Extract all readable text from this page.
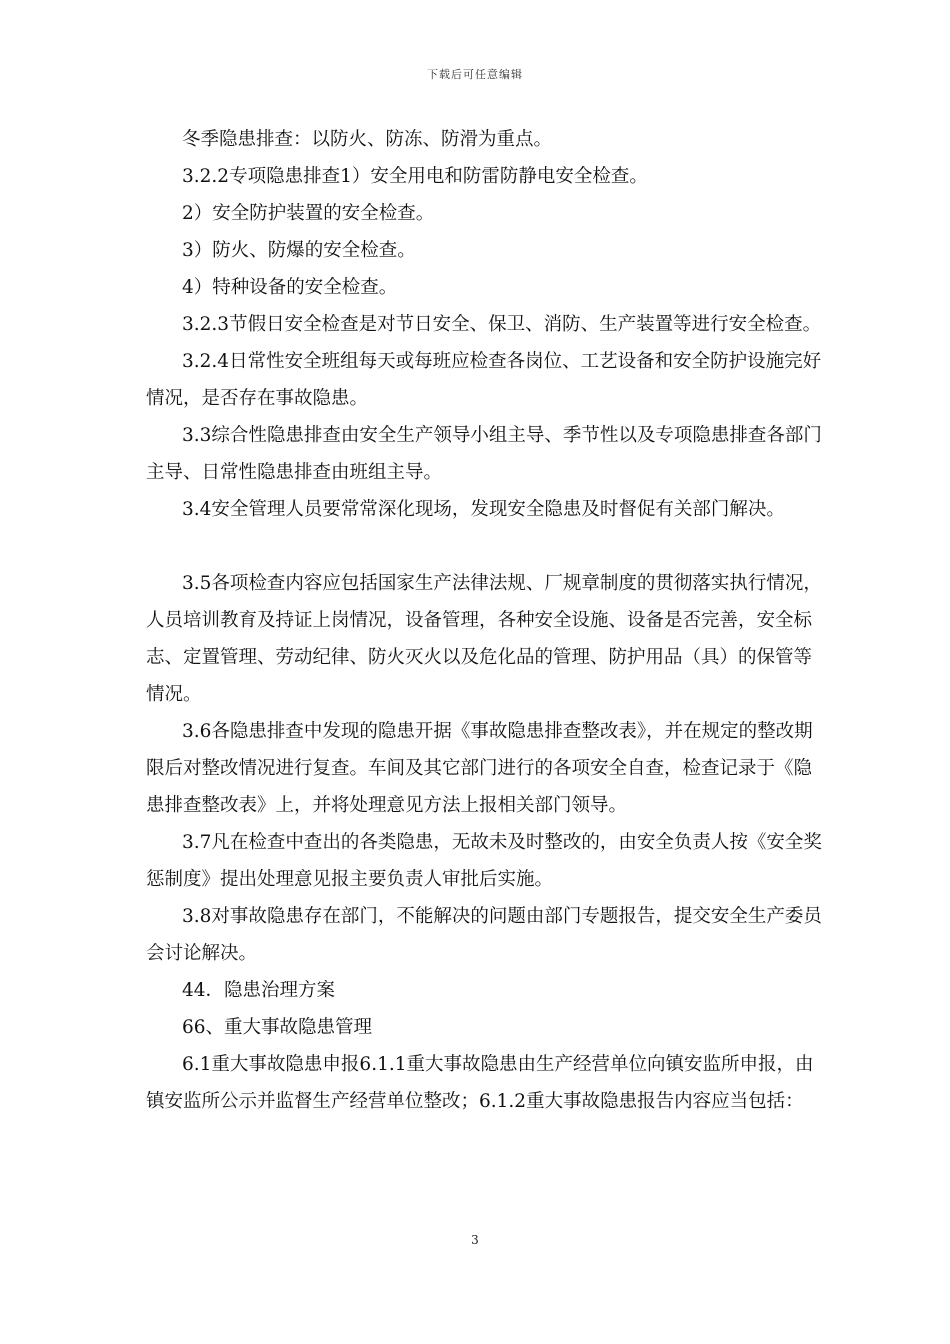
下载后可任意编辑

冬季隐患排查：以防火、防冻、防滑为重点。

3.2.2专项隐患排查1）安全用电和防雷防静电安全检查。

2）安全防护装置的安全检查。

3）防火、防爆的安全检查。

4）特种设备的安全检查。

3.2.3节假日安全检查是对节日安全、保卫、消防、生产装置等进行安全检查。

3.2.4日常性安全班组每天或每班应检查各岗位、工艺设备和安全防护设施完好情况，是否存在事故隐患。

3.3综合性隐患排查由安全生产领导小组主导、季节性以及专项隐患排查各部门主导、日常性隐患排查由班组主导。

3.4安全管理人员要常常深化现场，发现安全隐患及时督促有关部门解决。

3.5各项检查内容应包括国家生产法律法规、厂规章制度的贯彻落实执行情况，人员培训教育及持证上岗情况，设备管理，各种安全设施、设备是否完善，安全标志、定置管理、劳动纪律、防火灭火以及危化品的管理、防护用品（具）的保管等情况。

3.6各隐患排查中发现的隐患开据《事故隐患排查整改表》，并在规定的整改期限后对整改情况进行复查。车间及其它部门进行的各项安全自查，检查记录于《隐患排查整改表》上，并将处理意见方法上报相关部门领导。

3.7凡在检查中查出的各类隐患，无故未及时整改的，由安全负责人按《安全奖惩制度》提出处理意见报主要负责人审批后实施。

3.8对事故隐患存在部门，不能解决的问题由部门专题报告，提交安全生产委员会讨论解决。

44．隐患治理方案

66、重大事故隐患管理

6.1重大事故隐患申报6.1.1重大事故隐患由生产经营单位向镇安监所申报，由镇安监所公示并监督生产经营单位整改；6.1.2重大事故隐患报告内容应当包括：

3
